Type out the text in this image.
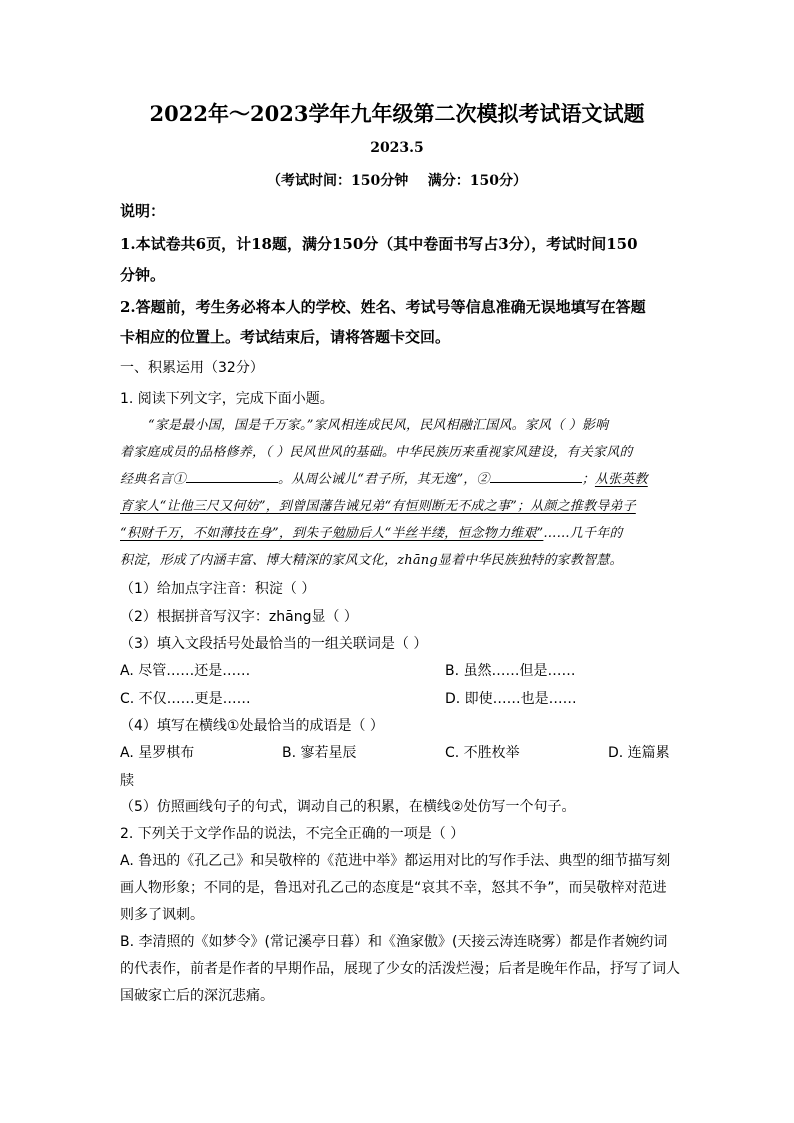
2022年～2023学年九年级第二次模拟考试语文试题
2023.5
（考试时间：150分钟    满分：150分）
说明：
1.本试卷共6页，计18题，满分150分（其中卷面书写占3分），考试时间150
分钟。
2.答题前，考生务必将本人的学校、姓名、考试号等信息准确无误地填写在答题
卡相应的位置上。考试结束后，请将答题卡交回。
一、积累运用（32分）
1. 阅读下列文字，完成下面小题。
“家是最小国，国是千万家。”家风相连成民风，民风相融汇国风。家风（ ）影响
着家庭成员的品格修养，（ ）民风世风的基础。中华民族历来重视家风建设，有关家风的
经典名言①	。从周公诫儿“君子所，其无逸”，②	；从张英教
育家人“让他三尺又何妨”，到曾国藩告诫兄弟“有恒则断无不成之事”；从颜之推教导弟子
“积财千万，不如薄技在身”，到朱子勉励后人“半丝半缕，恒念物力维艰”……几千年的
积淀，形成了内涵丰富、博大精深的家风文化，zhāng显着中华民族独特的家教智慧。
（1）给加点字注音：积淀（ ）
（2）根据拼音写汉字：zhāng显（ ）
（3）填入文段括号处最恰当的一组关联词是（ ）
A. 尽管……还是……	B. 虽然……但是……
C. 不仅……更是……	D. 即使……也是……
（4）填写在横线①处最恰当的成语是（ ）
A. 星罗棋布	B. 寥若星辰	C. 不胜枚举	D. 连篇累
牍
（5）仿照画线句子的句式，调动自己的积累，在横线②处仿写一个句子。
2. 下列关于文学作品的说法，不完全正确的一项是（ ）
A. 鲁迅的《孔乙己》和吴敬梓的《范进中举》都运用对比的写作手法、典型的细节描写刻
画人物形象；不同的是，鲁迅对孔乙己的态度是“哀其不幸，怒其不争”，而吴敬梓对范进
则多了讽刺。
B. 李清照的《如梦令》(常记溪亭日暮）和《渔家傲》(天接云涛连晓雾）都是作者婉约词
的代表作，前者是作者的早期作品，展现了少女的活泼烂漫；后者是晚年作品，抒写了词人
国破家亡后的深沉悲痛。
